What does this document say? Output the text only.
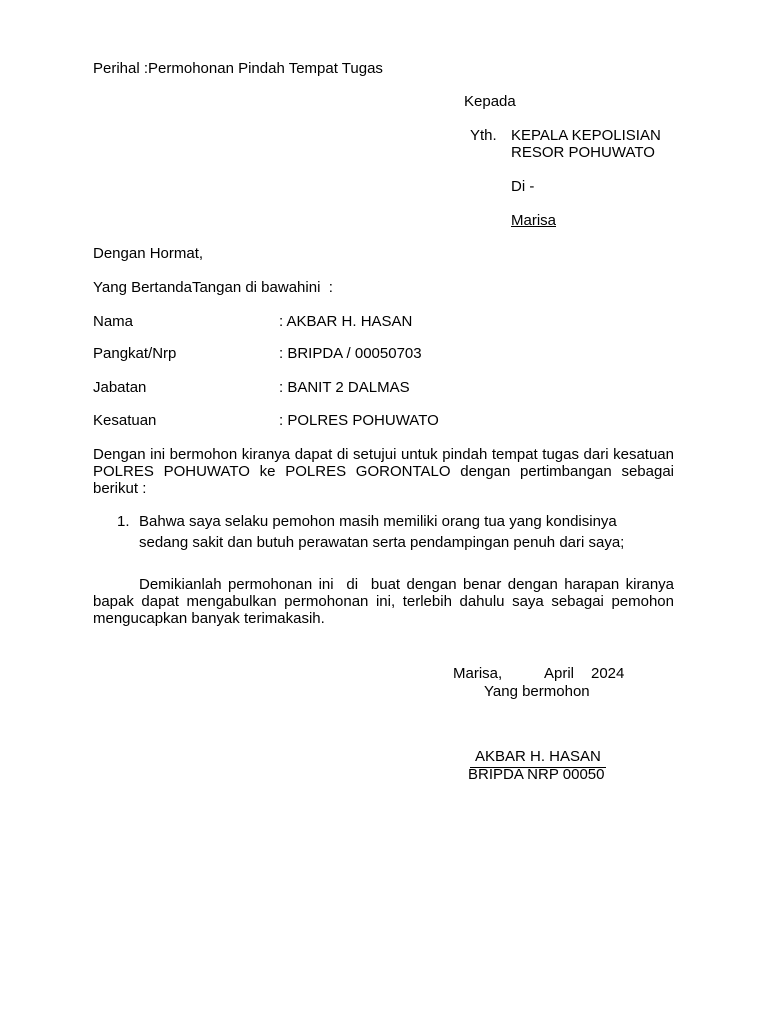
Perihal :Permohonan Pindah Tempat Tugas
Kepada
Yth. KEPALA KEPOLISIAN
RESOR POHUWATO
Di -
Marisa
Dengan Hormat,
Yang BertandaTangan di bawahini  :
Nama	: AKBAR H. HASAN
Pangkat/Nrp	: BRIPDA / 00050703
Jabatan	: BANIT 2 DALMAS
Kesatuan	: POLRES POHUWATO
Dengan ini bermohon kiranya dapat di setujui untuk pindah tempat tugas dari kesatuan POLRES POHUWATO ke POLRES GORONTALO dengan pertimbangan sebagai berikut :
1. Bahwa saya selaku pemohon masih memiliki orang tua yang kondisinya
sedang sakit dan butuh perawatan serta pendampingan penuh dari saya;
Demikianlah permohonan ini  di  buat dengan benar dengan harapan kiranya bapak dapat mengabulkan permohonan ini, terlebih dahulu saya sebagai pemohon mengucapkan banyak terimakasih.
Marisa,	April 2024
Yang bermohon
AKBAR H. HASAN
BRIPDA NRP 00050
